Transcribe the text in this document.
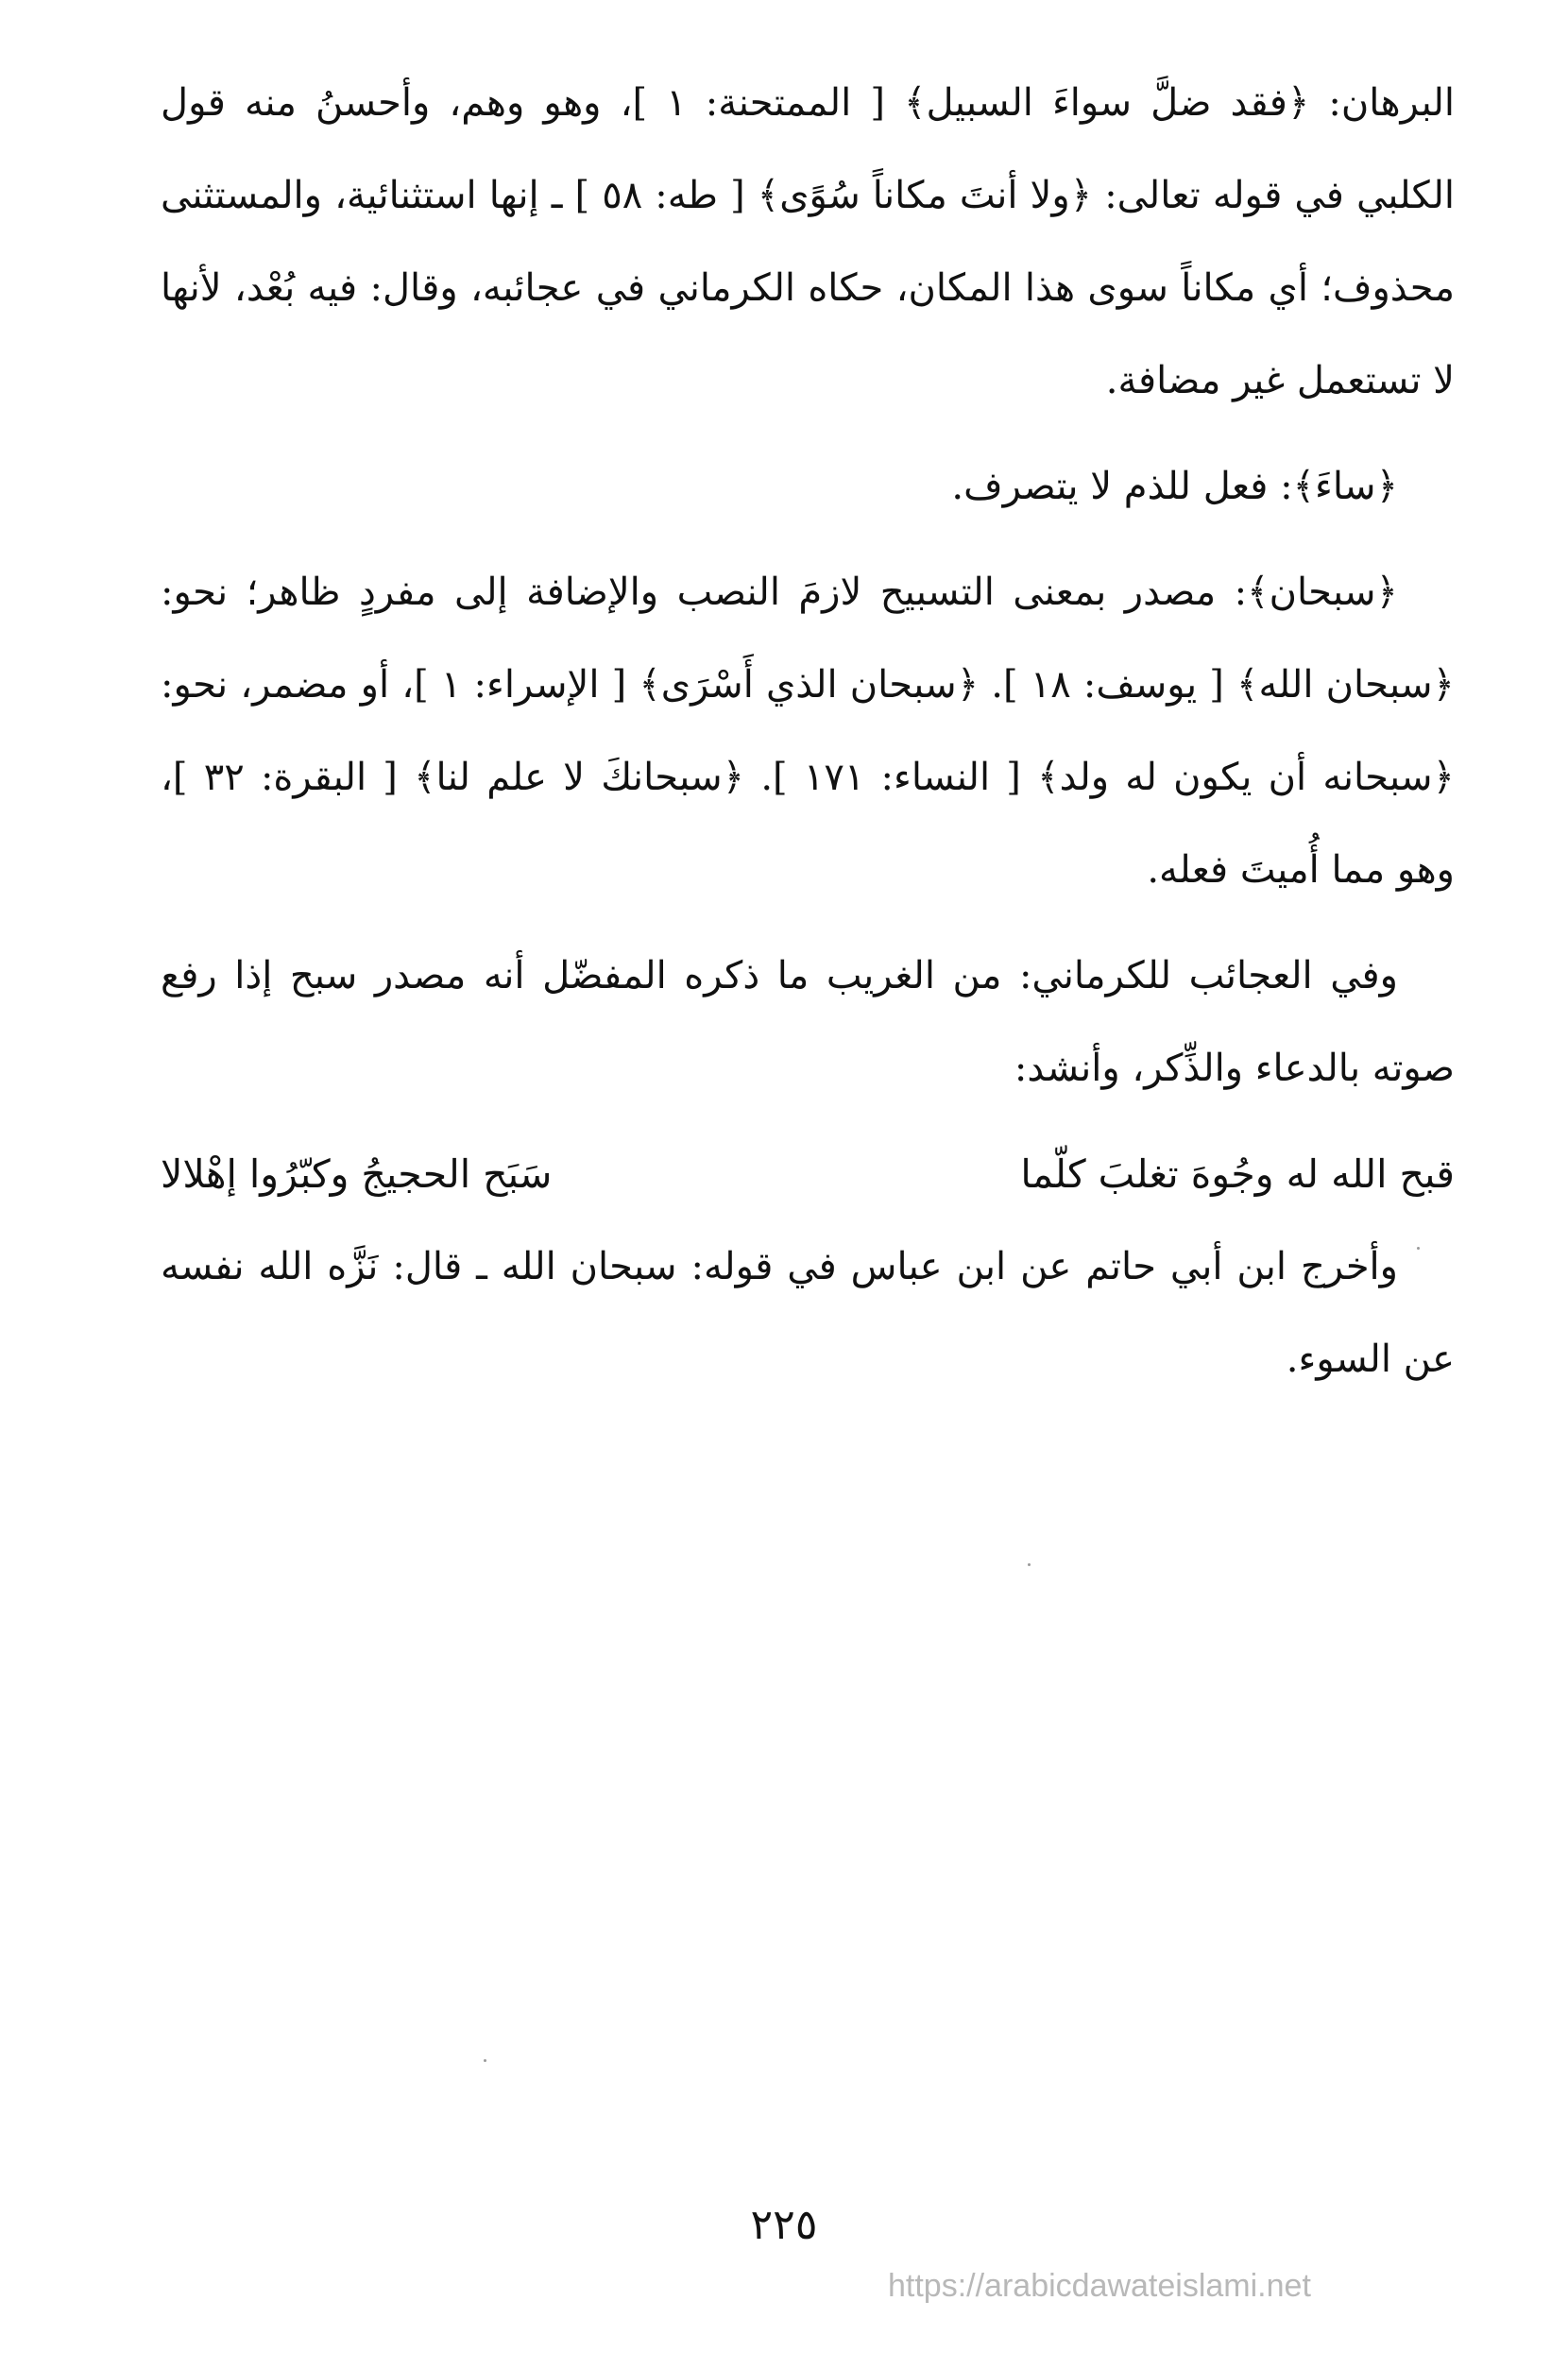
البرهان: ﴿فقد ضلَّ سواءَ السبيل﴾ [ الممتحنة: ١ ]، وهو وهم، وأحسنُ منه قول الكلبي في قوله تعالى: ﴿ولا أنتَ مكاناً سُوًى﴾ [ طه: ٥٨ ] ـ إنها استثنائية، والمستثنى محذوف؛ أي مكاناً سوى هذا المكان، حكاه الكرماني في عجائبه، وقال: فيه بُعْد، لأنها لا تستعمل غير مضافة.

﴿ساءَ﴾: فعل للذم لا يتصرف.

﴿سبحان﴾: مصدر بمعنى التسبيح لازمَ النصب والإضافة إلى مفردٍ ظاهر؛ نحو: ﴿سبحان الله﴾ [ يوسف: ١٨ ]. ﴿سبحان الذي أَسْرَى﴾ [ الإسراء: ١ ]، أو مضمر، نحو: ﴿سبحانه أن يكون له ولد﴾ [ النساء: ١٧١ ]. ﴿سبحانكَ لا علم لنا﴾ [ البقرة: ٣٢ ]، وهو مما أُميتَ فعله.

وفي العجائب للكرماني: من الغريب ما ذكره المفضّل أنه مصدر سبح إذا رفع صوته بالدعاء والذِّكر، وأنشد:

قبح الله له وجُوهَ تغلبَ كلّما
سَبَح الحجيجُ وكبّرُوا إهْلالا

وأخرج ابن أبي حاتم عن ابن عباس في قوله: سبحان الله ـ قال: نَزَّه الله نفسه عن السوء.

٢٢٥
https://arabicdawateislami.net
